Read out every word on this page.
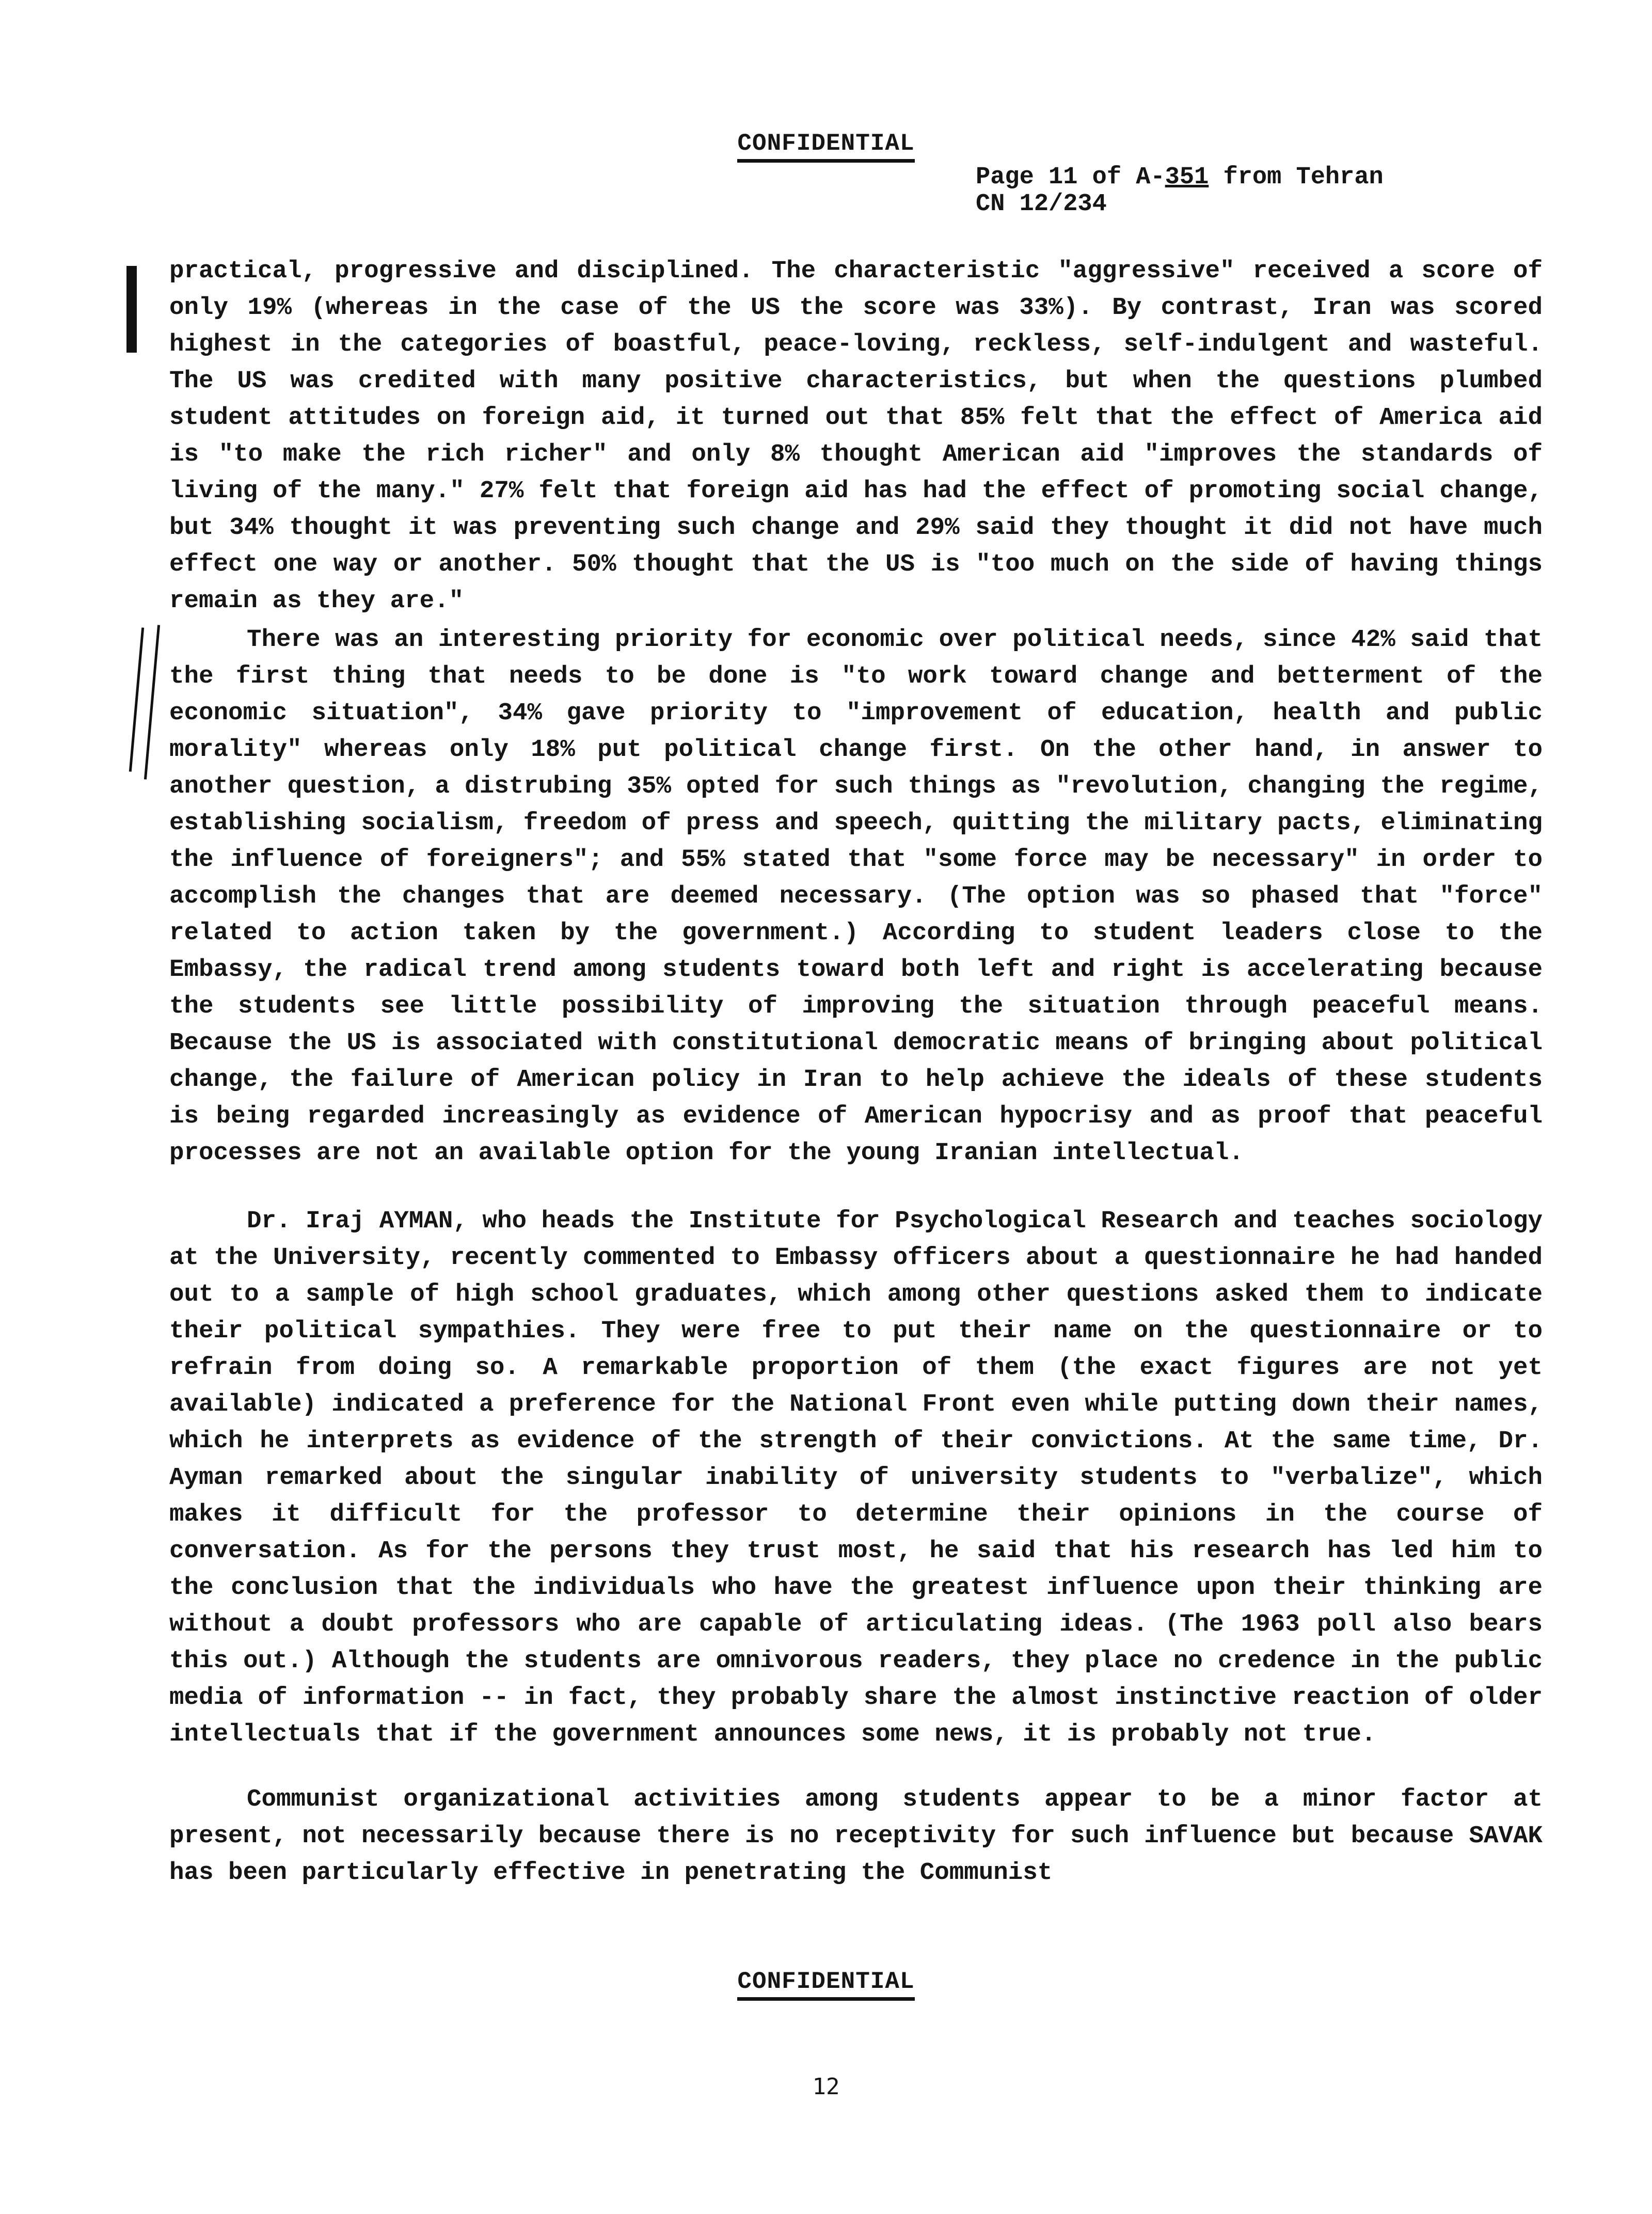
CONFIDENTIAL
Page 11 of A-351 from Tehran
CN 12/234

practical, progressive and disciplined. The characteristic "aggressive" received a score of only 19% (whereas in the case of the US the score was 33%). By contrast, Iran was scored highest in the categories of boastful, peace-loving, reckless, self-indulgent and wasteful. The US was credited with many positive characteristics, but when the questions plumbed student attitudes on foreign aid, it turned out that 85% felt that the effect of America aid is "to make the rich richer" and only 8% thought American aid "improves the standards of living of the many." 27% felt that foreign aid has had the effect of promoting social change, but 34% thought it was preventing such change and 29% said they thought it did not have much effect one way or another. 50% thought that the US is "too much on the side of having things remain as they are."

There was an interesting priority for economic over political needs, since 42% said that the first thing that needs to be done is "to work toward change and betterment of the economic situation", 34% gave priority to "improvement of education, health and public morality" whereas only 18% put political change first. On the other hand, in answer to another question, a distrubing 35% opted for such things as "revolution, changing the regime, establishing socialism, freedom of press and speech, quitting the military pacts, eliminating the influence of foreigners"; and 55% stated that "some force may be necessary" in order to accomplish the changes that are deemed necessary. (The option was so phased that "force" related to action taken by the government.) According to student leaders close to the Embassy, the radical trend among students toward both left and right is accelerating because the students see little possibility of improving the situation through peaceful means. Because the US is associated with constitutional democratic means of bringing about political change, the failure of American policy in Iran to help achieve the ideals of these students is being regarded increasingly as evidence of American hypocrisy and as proof that peaceful processes are not an available option for the young Iranian intellectual.

Dr. Iraj AYMAN, who heads the Institute for Psychological Research and teaches sociology at the University, recently commented to Embassy officers about a questionnaire he had handed out to a sample of high school graduates, which among other questions asked them to indicate their political sympathies. They were free to put their name on the questionnaire or to refrain from doing so. A remarkable proportion of them (the exact figures are not yet available) indicated a preference for the National Front even while putting down their names, which he interprets as evidence of the strength of their convictions. At the same time, Dr. Ayman remarked about the singular inability of university students to "verbalize", which makes it difficult for the professor to determine their opinions in the course of conversation. As for the persons they trust most, he said that his research has led him to the conclusion that the individuals who have the greatest influence upon their thinking are without a doubt professors who are capable of articulating ideas. (The 1963 poll also bears this out.) Although the students are omnivorous readers, they place no credence in the public media of information -- in fact, they probably share the almost instinctive reaction of older intellectuals that if the government announces some news, it is probably not true.

Communist organizational activities among students appear to be a minor factor at present, not necessarily because there is no receptivity for such influence but because SAVAK has been particularly effective in penetrating the Communist

CONFIDENTIAL
12
